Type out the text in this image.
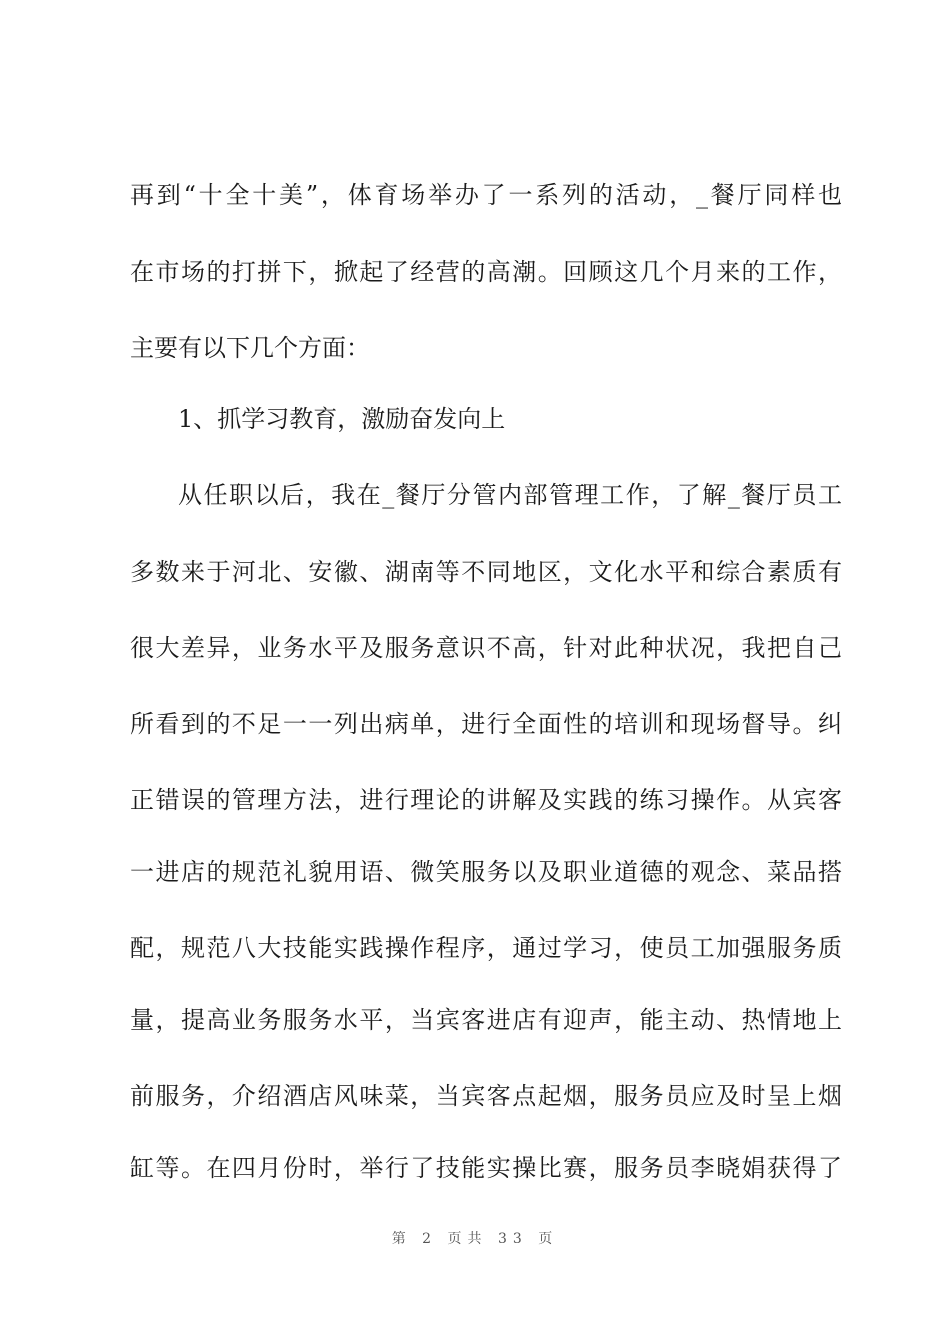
再到“十全十美”，体育场举办了一系列的活动，_餐厅同样也
在市场的打拼下，掀起了经营的高潮。回顾这几个月来的工作，
主要有以下几个方面：
1、抓学习教育，激励奋发向上
从任职以后，我在_餐厅分管内部管理工作，了解_餐厅员工
多数来于河北、安徽、湖南等不同地区，文化水平和综合素质有
很大差异，业务水平及服务意识不高，针对此种状况，我把自己
所看到的不足一一列出病单，进行全面性的培训和现场督导。纠
正错误的管理方法，进行理论的讲解及实践的练习操作。从宾客
一进店的规范礼貌用语、微笑服务以及职业道德的观念、菜品搭
配，规范八大技能实践操作程序，通过学习，使员工加强服务质
量，提高业务服务水平，当宾客进店有迎声，能主动、热情地上
前服务，介绍酒店风味菜，当宾客点起烟，服务员应及时呈上烟
缸等。在四月份时，举行了技能实操比赛，服务员李晓娟获得了
第 2 页共 33 页
